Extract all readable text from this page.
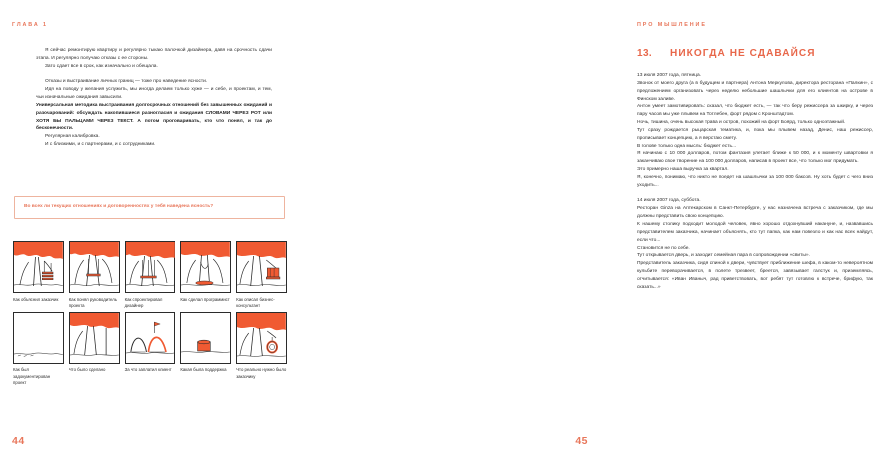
ГЛАВА 1

Я сейчас ремонтирую квартиру и регулярно тыкаю палочкой дизайнера, давя на срочность сдачи этапа. И регулярно получаю отказы с ее стороны.

Зато сдает все в срок, как изначально и обещала.

Отказы и выстраивание личных границ — тоже про наведение ясности.

Идя на поводу у желания услужить, мы иногда делаем только хуже — и себе, и проектам, и тем, чьи изначальные ожидания завысили.

Универсальная методика выстраивания долгосрочных отношений без завышенных ожиданий и разочарований: обсуждать накопившиеся разногласия и ожидания СЛОВАМИ ЧЕРЕЗ РОТ или ХОТЯ БЫ ПАЛЬЦАМИ ЧЕРЕЗ ТЕКСТ. А потом проговаривать, кто что понял, и так до бесконечности.

Регулярная калибровка.

И с близкими, и с партнерами, и с сотрудниками.

Во всех ли текущих отношениях и договоренностях у тебя наведена ясность?
Как объяснил заказчик	Как понял руководитель проекта
Как спроектировал дизайнер
Как сделал программист	Как описал бизнес-консультант
Как был задокументирован проект
Что было сделано	За что заплатил клиент	Какая была поддержка	Что реально нужно было заказчику
44
ПРО МЫШЛЕНИЕ
13. НИКОГДА НЕ СДАВАЙСЯ

13 июля 2007 года, пятница.

Звонок от моего друга (а в будущем и партнера) Антона Меркулова, директора ресторана «Палкин», с предложением организовать через неделю небольшие шашлычки для его клиентов на острове в Финском заливе.

Антон умеет замотивировать: сказал, что бюджет есть, — так что беру режиссера за шкирку, и через пару часов мы уже плывем на Тотлебен, форт рядом с Кронштадтом.

Ночь, тишина, очень высокая трава и остров, похожий на форт Боярд, только одноэтажный.

Тут сразу рождается рыцарская тематика, и, пока мы плывем назад, Денис, наш режиссер, прописывает концепцию, а я верстаю смету.

В голове только одна мысль: бюджет есть...

Я начинаю с 10 000 долларов, потом фантазия улетает ближе к 50 000, и к моменту швартовки я заканчиваю свое творение на 100 000 долларов, написав в проект все, что только мог придумать.

Это примерно наша выручка за квартал.

Я, конечно, понимаю, что никто не поедет на шашлычки за 100 000 баксов. Ну хоть будет с чего вниз уходить...

14 июля 2007 года, суббота.

Ресторан Ginza на Аптекарском в Санкт-Петербурге, у нас назначена встреча с заказчиком, где мы должны представить свою концепцию.

К нашему столику подходит молодой человек, явно хорошо отдохнувший накануне, и, назвавшись представителем заказчика, начинает объяснять, кто тут папка, как нам повезло и как нас всех найдут, если что...

Становится не по себе.

Тут открывается дверь, и заходит семейная пара в сопровождении «свиты».

Представитель заказчика, сидя спиной к двери, чувствует приближение шефа, в каком-то невероятном кульбите переворачивается, в полете трезвеет, бреется, завязывает галстук и, приземляясь, отчитывается: «Иван Иваныч, рад приветствовать, вот ребят тут готовлю к встрече, брифую, так сказать...»

45
